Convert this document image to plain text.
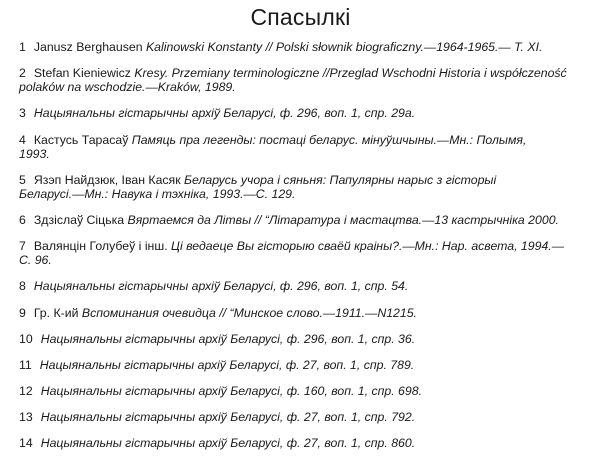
Спасылкі
1 Janusz Berghausen Kalinowski Konstanty // Polski słownik biograficzny.—1964-1965.— Т. XI.
2 Stefan Kieniewicz Kresy. Przemiany terminologiczne //Przeglad Wschodni Historia i współczeność
polaków na wschodzie.—Kraków, 1989.
3 Нацыянальны гістарычны архіў Беларусі, ф. 296, воп. 1, спр. 29а.
4 Кастусь Тарасаў Памяць пра легенды: постаці беларус. мінуўшчыны.—Мн.: Полымя,
1993.
5 Язэп Найдзюк, Іван Касяк Беларусь учора і сяньня: Папулярны нарыс з гісторыі
Беларусі.—Мн.: Навука і тэхніка, 1993.—С. 129.
6 Здзіслаў Сіцька Вяртаемся да Літвы // “Літаратура і мастацтва.—13 кастрычніка 2000.
7 Валянцін Голубеў і інш. Ці ведаеце Вы гісторыю сваёй краіны?.—Мн.: Нар. асвета, 1994.—
С. 96.
8 Нацыянальны гістарычны архіў Беларусі, ф. 296, воп. 1, спр. 54.
9 Гр. К-ий Вспоминания очевидца // “Минское слово.—1911.—N1215.
10 Нацыянальны гістарычны архіў Беларусі, ф. 296, воп. 1, спр. 36.
11 Нацыянальны гістарычны архіў Беларусі, ф. 27, воп. 1, спр. 789.
12 Нацыянальны гістарычны архіў Беларусі, ф. 160, воп. 1, спр. 698.
13 Нацыянальны гістарычны архіў Беларусі, ф. 27, воп. 1, спр. 792.
14 Нацыянальны гістарычны архіў Беларусі, ф. 27, воп. 1, спр. 860.
